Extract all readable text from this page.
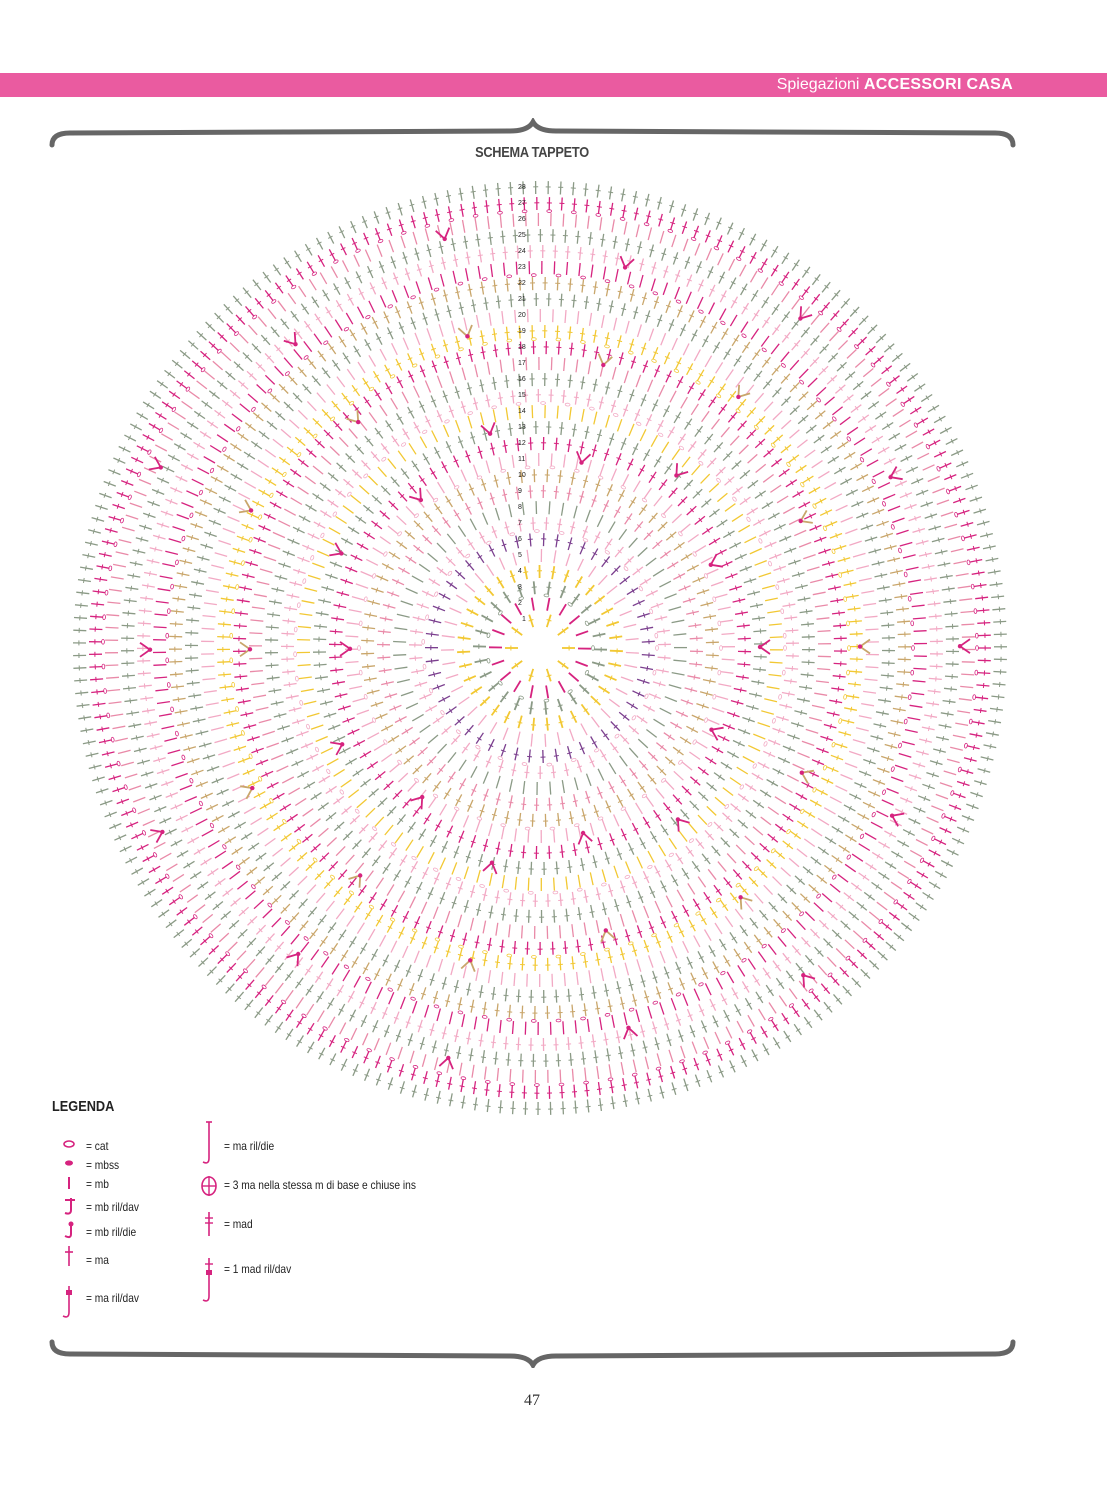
Spiegazioni ACCESSORI CASA
SCHEMA TAPPETO
1
2
3
4
5
6
7
8
9
10
11
12
13
14
15
16
17
18
19
20
21
22
23
24
25
26
27
28
LEGENDA
= cat
= mbss
= mb
= mb ril/dav
= mb ril/die
= ma
= ma ril/dav
= ma ril/die
= 3 ma nella stessa m di base e chiuse ins
= mad
= 1 mad ril/dav
47
